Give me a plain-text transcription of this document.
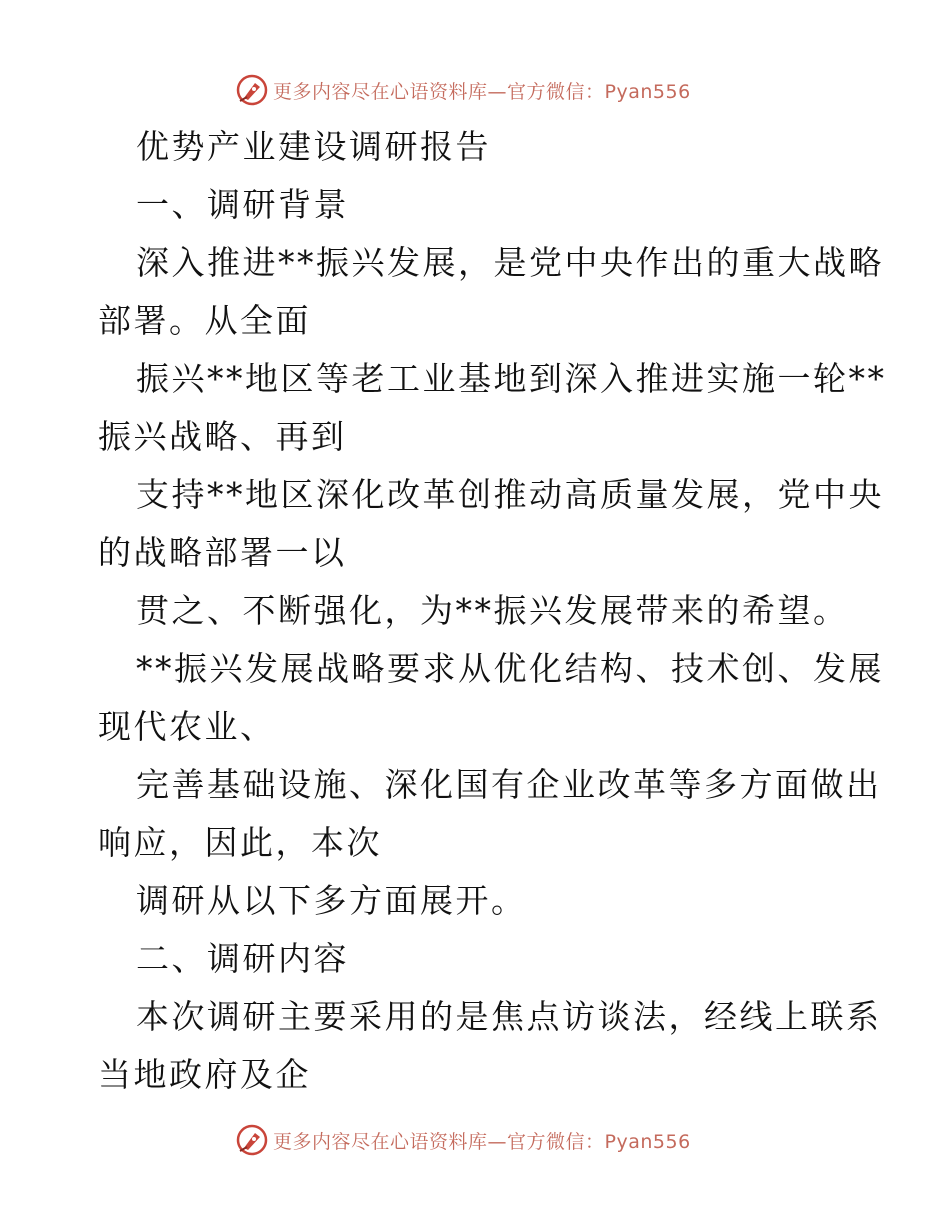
更多内容尽在心语资料库—官方微信：Pyan556
优势产业建设调研报告
一、调研背景
深入推进**振兴发展，是党中央作出的重大战略
部署。从全面
振兴**地区等老工业基地到深入推进实施一轮**
振兴战略、再到
支持**地区深化改革创推动高质量发展，党中央
的战略部署一以
贯之、不断强化，为**振兴发展带来的希望。
**振兴发展战略要求从优化结构、技术创、发展
现代农业、
完善基础设施、深化国有企业改革等多方面做出
响应，因此，本次
调研从以下多方面展开。
二、调研内容
本次调研主要采用的是焦点访谈法，经线上联系
当地政府及企
更多内容尽在心语资料库—官方微信：Pyan556
